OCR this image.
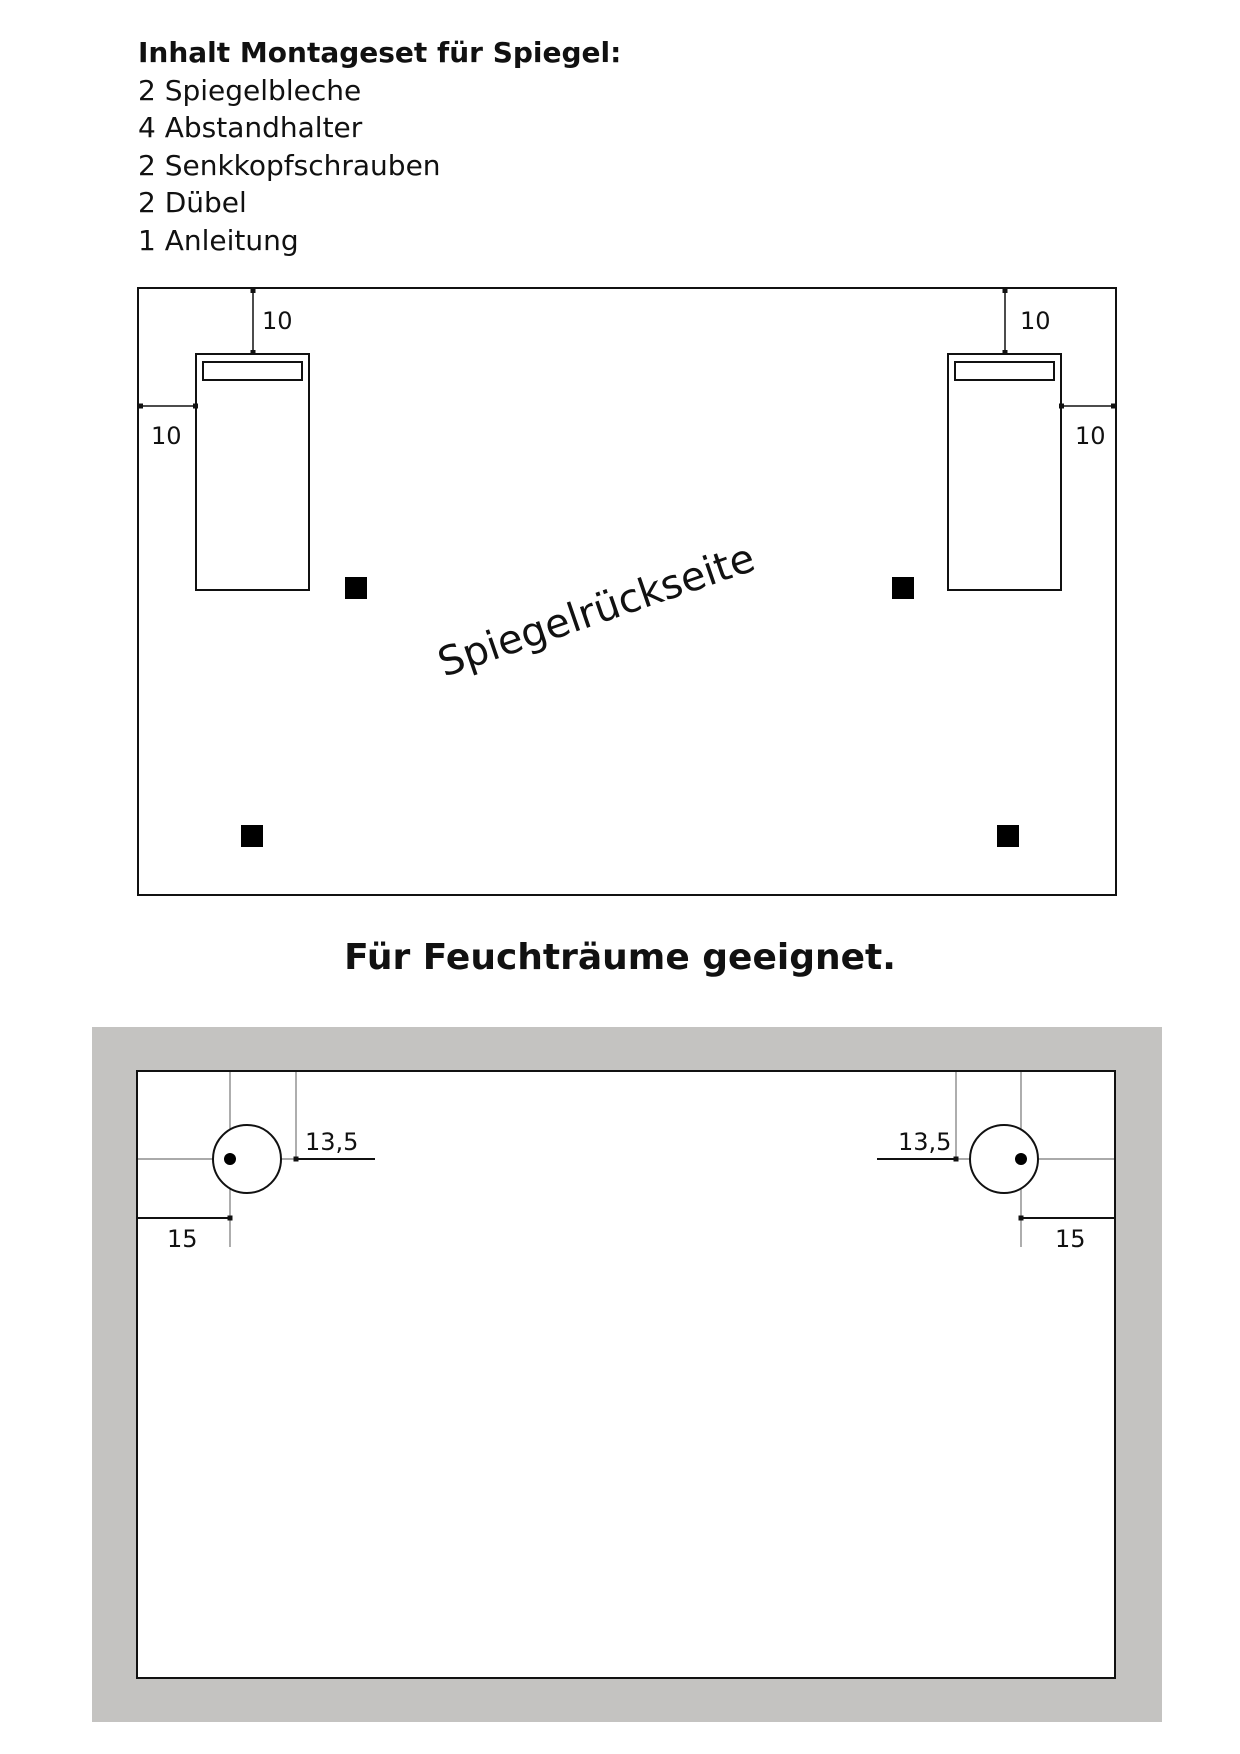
Inhalt Montageset für Spiegel:
2 Spiegelbleche
4 Abstandhalter
2 Senkkopfschrauben
2 Dübel
1 Anleitung
10
10
10
10
Spiegelrückseite
13,5
15
13,5
15
Für Feuchträume geeignet.
